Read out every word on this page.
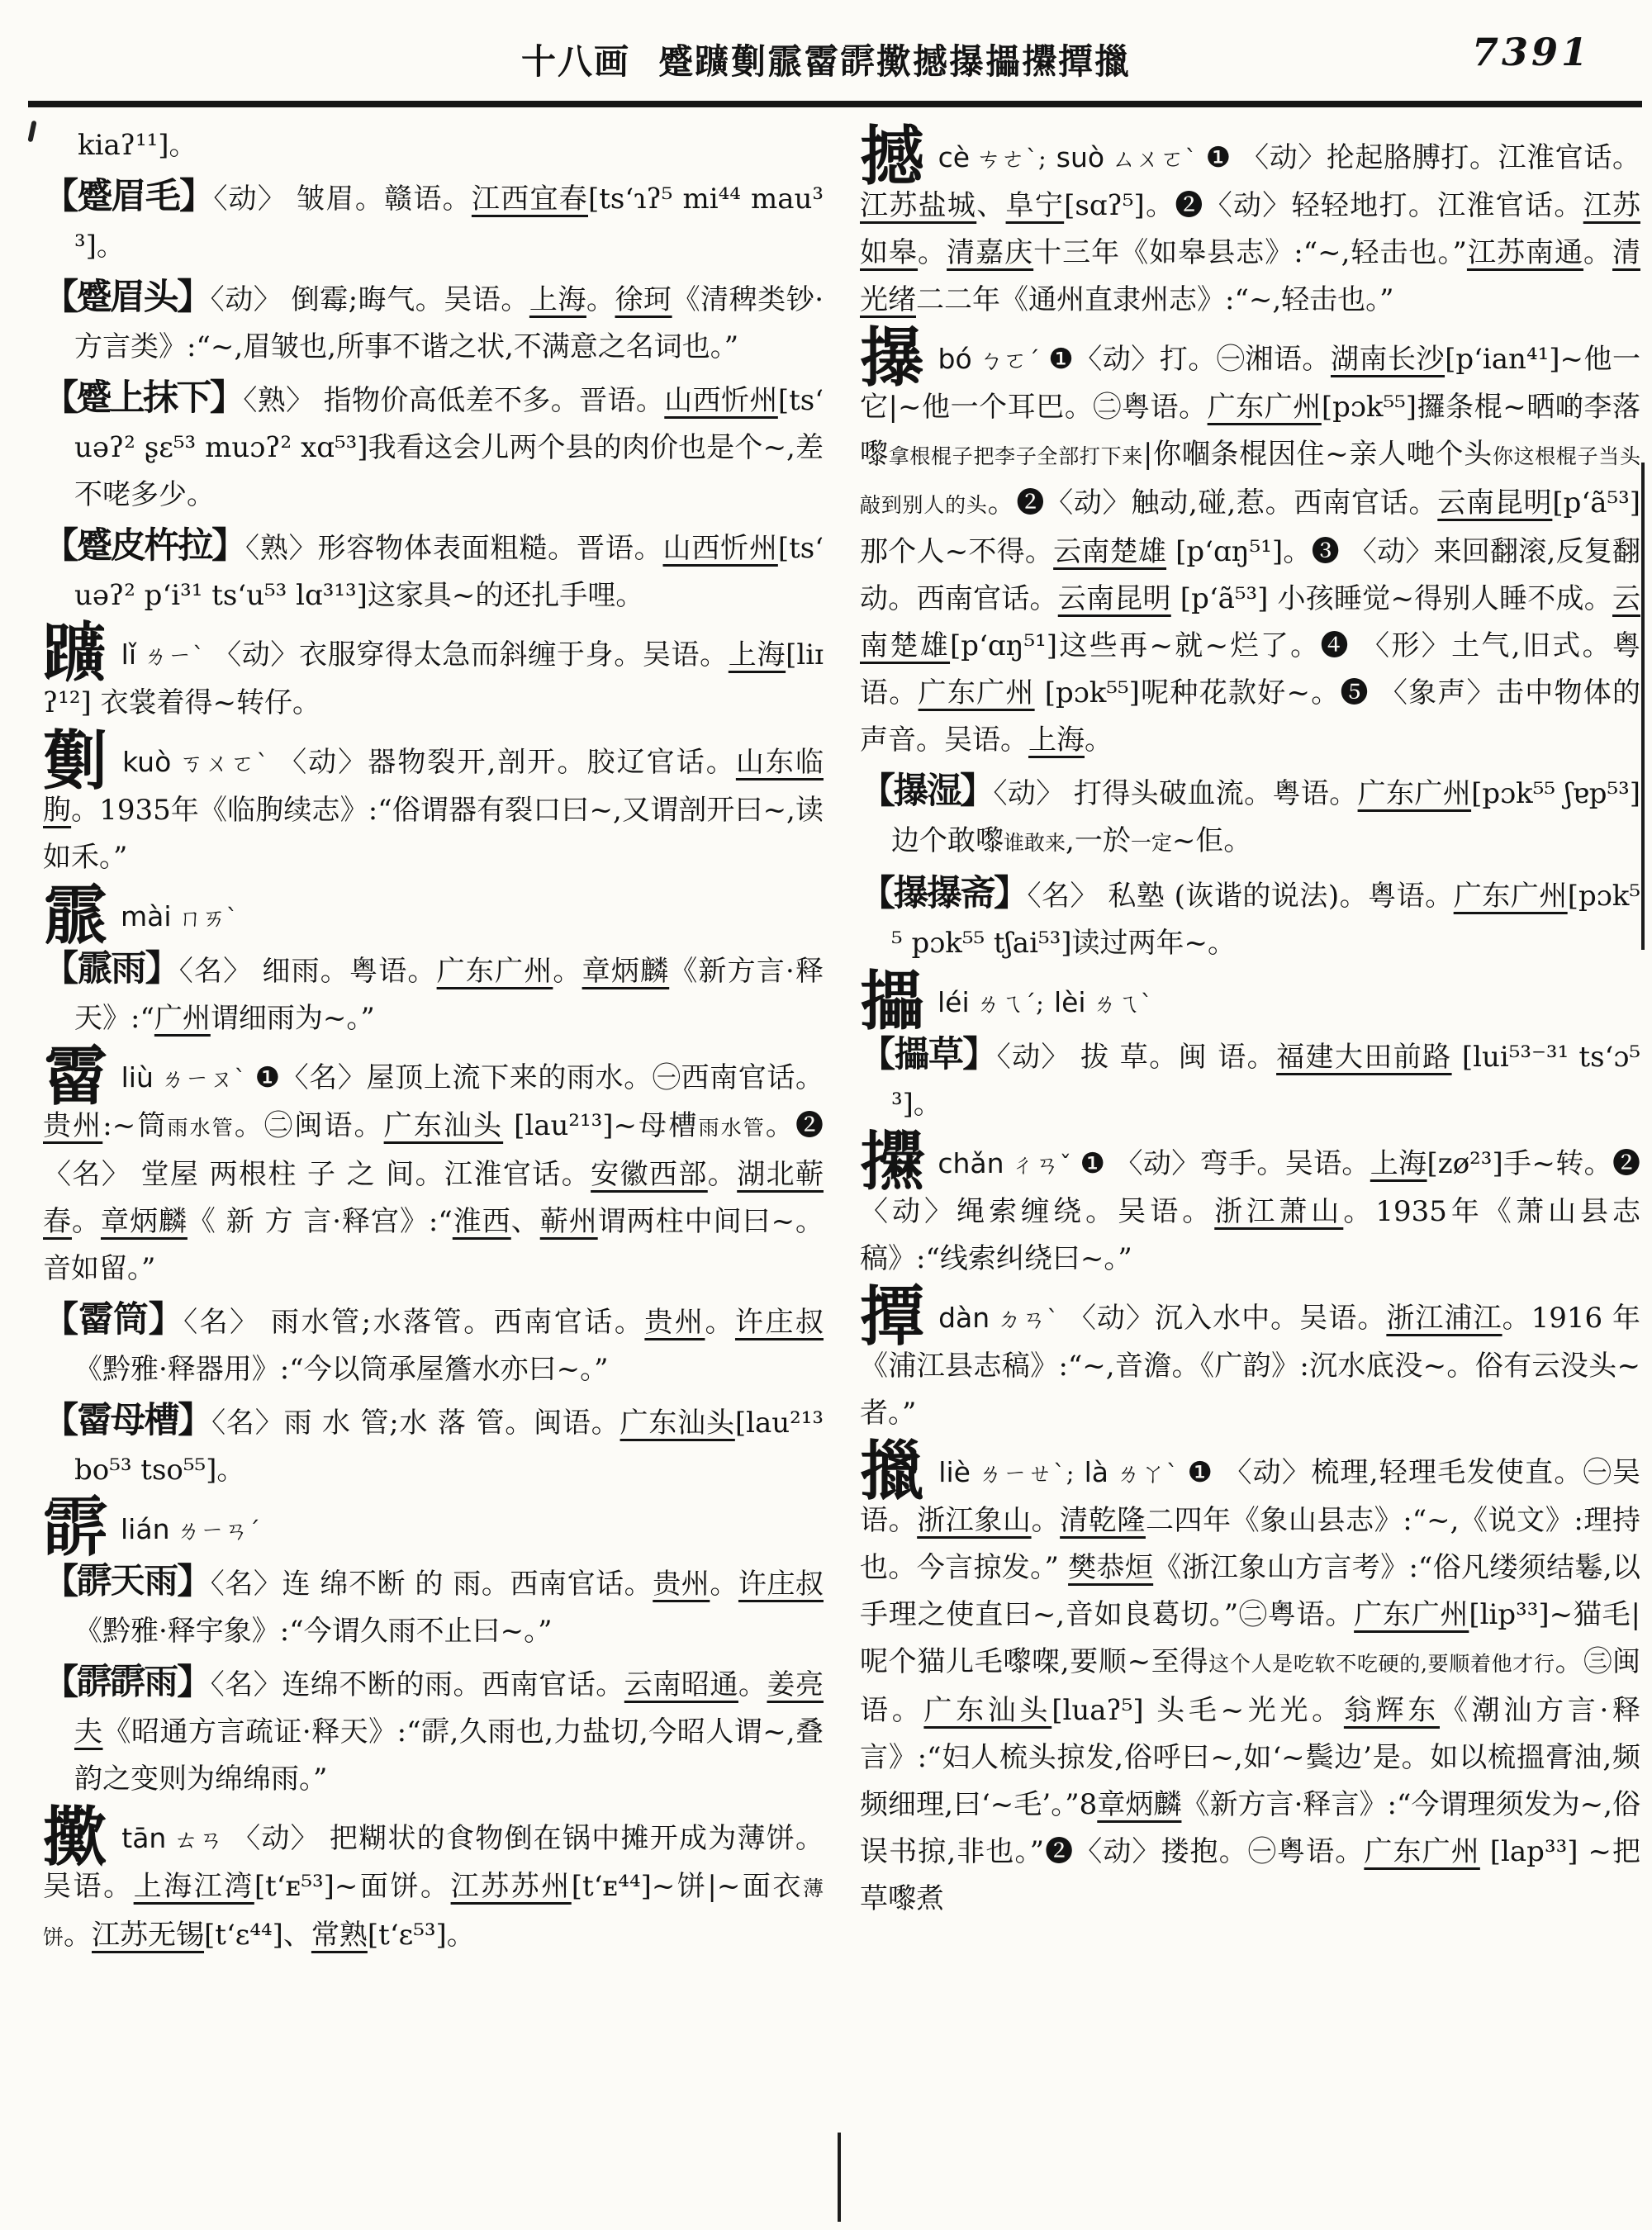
十八画 蹙𨇁劐霢霤𩃟擹撼㩧攂𢺱撢擸	7391

kiaʔ¹¹]。

【蹙眉毛】〈动〉 皱眉。赣语。江西宜春[tsʻɿʔ⁵ mi⁴⁴ mau³³]。

【蹙眉头】〈动〉 倒霉;晦气。吴语。上海。徐珂《清稗类钞·方言类》:“~,眉皱也,所事不谐之状,不满意之名词也。”

【蹙上抹下】〈熟〉 指物价高低差不多。晋语。山西忻州[tsʻuəʔ² ʂɛ⁵³ muɔʔ² xɑ⁵³]我看这会儿两个县的肉价也是个~,差不咾多少。

【蹙皮杵拉】〈熟〉形容物体表面粗糙。晋语。山西忻州[tsʻuəʔ² pʻi³¹ tsʻu⁵³ lɑ³¹³]这家具~的还扎手哩。

𨇁lǐ ㄌㄧˋ 〈动〉衣服穿得太急而斜缠于身。吴语。上海[liɪʔ¹²] 衣裳着得~转仔。

劐kuò ㄎㄨㄛˋ 〈动〉器物裂开,剖开。胶辽官话。山东临朐。1935年《临朐续志》:“俗谓器有裂口曰~,又谓剖开曰~,读如禾。”

霢mài ㄇㄞˋ

【霢雨】〈名〉 细雨。粤语。广东广州。章炳麟《新方言·释天》:“广州谓细雨为~。”

霤liù ㄌㄧㄡˋ ❶〈名〉屋顶上流下来的雨水。㊀西南官话。贵州:~筒雨水管。㊁闽语。广东汕头 [lau²¹³]~母槽雨水管。❷ 〈名〉 堂屋 两根柱 子 之 间。江淮官话。安徽西部。湖北蕲春。章炳麟《 新 方 言·释宫》:“淮西、蕲州谓两柱中间曰~。音如留。”

【霤筒】〈名〉 雨水管;水落管。西南官话。贵州。许庄叔《黔雅·释器用》:“今以筒承屋簷水亦曰~。”

【霤母槽】〈名〉雨 水 管;水 落 管。闽语。广东汕头[lau²¹³ bo⁵³ tso⁵⁵]。

𩃟lián ㄌㄧㄢˊ

【𩃟天雨】〈名〉连 绵不断 的 雨。西南官话。贵州。许庄叔《黔雅·释宇象》:“今谓久雨不止曰~。”

【𩃟𩃟雨】〈名〉连绵不断的雨。西南官话。云南昭通。姜亮夫《昭通方言疏证·释天》:“𩃟,久雨也,力盐切,今昭人谓~,叠韵之变则为绵绵雨。”

擹tān ㄊㄢ 〈动〉 把糊状的食物倒在锅中摊开成为薄饼。吴语。上海江湾[tʻᴇ⁵³]~面饼。江苏苏州[tʻᴇ⁴⁴]~饼|~面衣薄饼。江苏无锡[tʻɛ⁴⁴]、常熟[tʻɛ⁵³]。

撼cè ㄘㄜˋ; suò ㄙㄨㄛˋ ❶ 〈动〉抡起胳膊打。江淮官话。江苏盐城、阜宁[sɑʔ⁵]。❷〈动〉轻轻地打。江淮官话。江苏如皋。清嘉庆十三年《如皋县志》:“~,轻击也。”江苏南通。清光绪二二年《通州直隶州志》:“~,轻击也。”

㩧bó ㄅㄛˊ ❶〈动〉打。㊀湘语。湖南长沙[pʻian⁴¹]~他一它|~他一个耳巴。㊁粤语。广东广州[pɔk⁵⁵]攞条棍~晒啲李落嚟拿根棍子把李子全部打下来|你嗰条棍因住~亲人哋个头你这根棍子当头敲到别人的头。❷〈动〉触动,碰,惹。西南官话。云南昆明[pʻã⁵³]那个人~不得。云南楚雄 [pʻɑŋ⁵¹]。❸ 〈动〉来回翻滚,反复翻动。西南官话。云南昆明 [pʻã⁵³] 小孩睡觉~得别人睡不成。云南楚雄[pʻɑŋ⁵¹]这些再~就~烂了。❹ 〈形〉土气,旧式。粤语。广东广州 [pɔk⁵⁵]呢种花款好~。❺ 〈象声〉击中物体的声音。吴语。上海。

【㩧湿】〈动〉 打得头破血流。粤语。广东广州[pɔk⁵⁵ ʃɐp⁵³]边个敢嚟谁敢来,一於一定~佢。

【㩧㩧斋】〈名〉 私塾 (诙谐的说法)。粤语。广东广州[pɔk⁵⁵ pɔk⁵⁵ tʃai⁵³]读过两年~。

攂léi ㄌㄟˊ; lèi ㄌㄟˋ

【攂草】〈动〉 拔 草。闽 语。福建大田前路 [lui⁵³⁻³¹ tsʻɔ⁵³]。

𢺱chǎn ㄔㄢˇ ❶ 〈动〉弯手。吴语。上海[zø²³]手~转。❷ 〈动〉绳索缠绕。吴语。浙江萧山。1935年《萧山县志稿》:“线索纠绕曰~。”

撢dàn ㄉㄢˋ 〈动〉沉入水中。吴语。浙江浦江。1916 年《浦江县志稿》:“~,音澹。《广韵》:沉水底没~。俗有云没头~者。”

擸liè ㄌㄧㄝˋ; là ㄌㄚˋ ❶ 〈动〉梳理,轻理毛发使直。㊀吴语。浙江象山。清乾隆二四年《象山县志》:“~,《说文》:理持也。今言掠发。” 樊恭烜《浙江象山方言考》:“俗凡缕须结鬈,以手理之使直曰~,音如良葛切。”㊁粤语。广东广州[lip³³]~猫毛|呢个猫儿毛嚟㗎,要顺~至得这个人是吃软不吃硬的,要顺着他才行。㊂闽语。广东汕头[luaʔ⁵] 头毛~光光。翁辉东《潮汕方言·释言》:“妇人梳头掠发,俗呼曰~,如‘~鬓边’是。如以梳搵膏油,频频细理,曰‘~毛’。”8章炳麟《新方言·释言》:“今谓理须发为~,俗误书掠,非也。”❷〈动〉搂抱。㊀粤语。广东广州 [lap³³] ~把草嚟煮
